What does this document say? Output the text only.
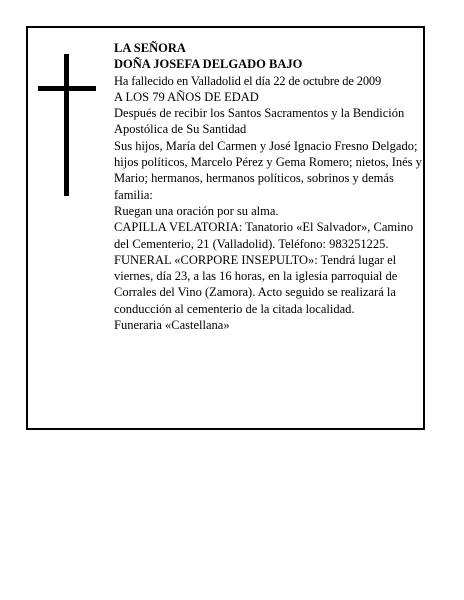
LA SEÑORA

DOÑA JOSEFA DELGADO BAJO

Ha fallecido en Valladolid el día 22 de octubre de 2009

A LOS 79 AÑOS DE EDAD

Después de recibir los Santos Sacramentos y la Bendición Apostólica de Su Santidad

Sus hijos, María del Carmen y José Ignacio Fresno Delgado; hijos políticos, Marcelo Pérez y Gema Romero; nietos, Inés y Mario; hermanos, hermanos políticos, sobrinos y demás familia:

Ruegan una oración por su alma.

CAPILLA VELATORIA: Tanatorio «El Salvador», Camino del Cementerio, 21 (Valladolid). Teléfono: 983251225.

FUNERAL «CORPORE INSEPULTO»: Tendrá lugar el viernes, día 23, a las 16 horas, en la iglesia parroquial de Corrales del Vino (Zamora). Acto seguido se realizará la conducción al cementerio de la citada localidad.

Funeraria «Castellana»
